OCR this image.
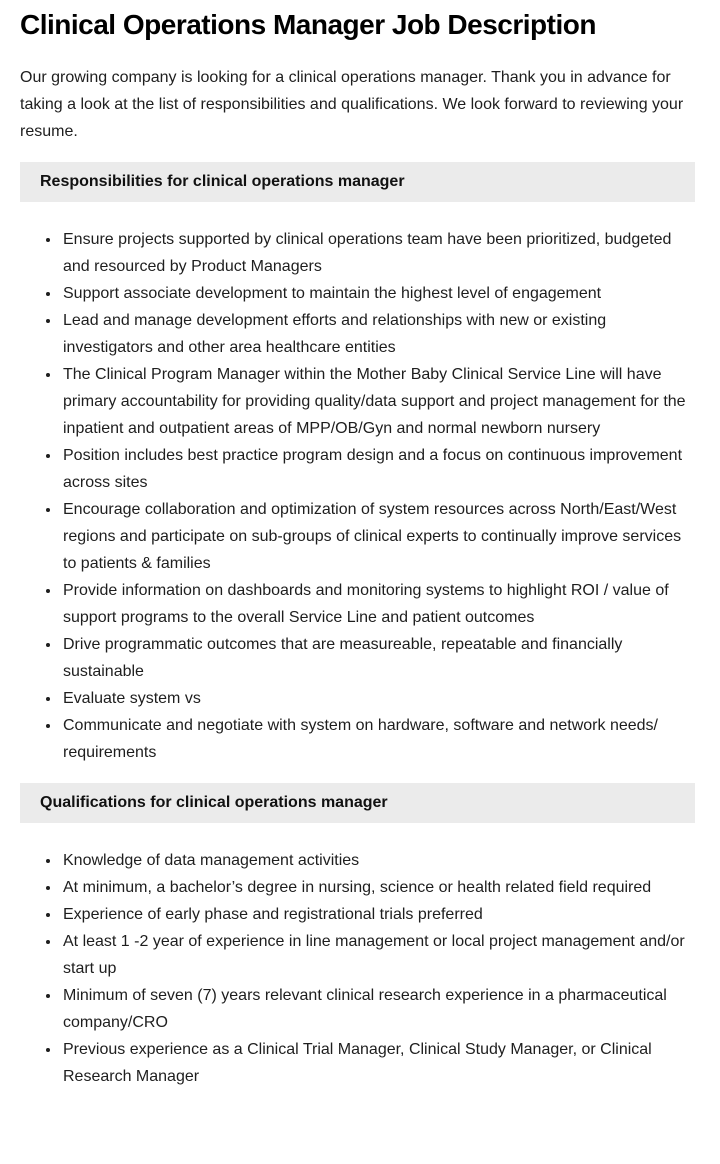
Clinical Operations Manager Job Description

Our growing company is looking for a clinical operations manager. Thank you in advance for taking a look at the list of responsibilities and qualifications. We look forward to reviewing your resume.

Responsibilities for clinical operations manager
• Ensure projects supported by clinical operations team have been prioritized, budgeted and resourced by Product Managers
• Support associate development to maintain the highest level of engagement
• Lead and manage development efforts and relationships with new or existing investigators and other area healthcare entities
• The Clinical Program Manager within the Mother Baby Clinical Service Line will have primary accountability for providing quality/data support and project management for the inpatient and outpatient areas of MPP/OB/Gyn and normal newborn nursery
• Position includes best practice program design and a focus on continuous improvement across sites
• Encourage collaboration and optimization of system resources across North/East/West regions and participate on sub-groups of clinical experts to continually improve services to patients & families
• Provide information on dashboards and monitoring systems to highlight ROI / value of support programs to the overall Service Line and patient outcomes
• Drive programmatic outcomes that are measureable, repeatable and financially sustainable
• Evaluate system vs
• Communicate and negotiate with system on hardware, software and network needs/ requirements
Qualifications for clinical operations manager
• Knowledge of data management activities
• At minimum, a bachelor’s degree in nursing, science or health related field required
• Experience of early phase and registrational trials preferred
• At least 1 -2 year of experience in line management or local project management and/or start up
• Minimum of seven (7) years relevant clinical research experience in a pharmaceutical company/CRO
• Previous experience as a Clinical Trial Manager, Clinical Study Manager, or Clinical Research Manager
